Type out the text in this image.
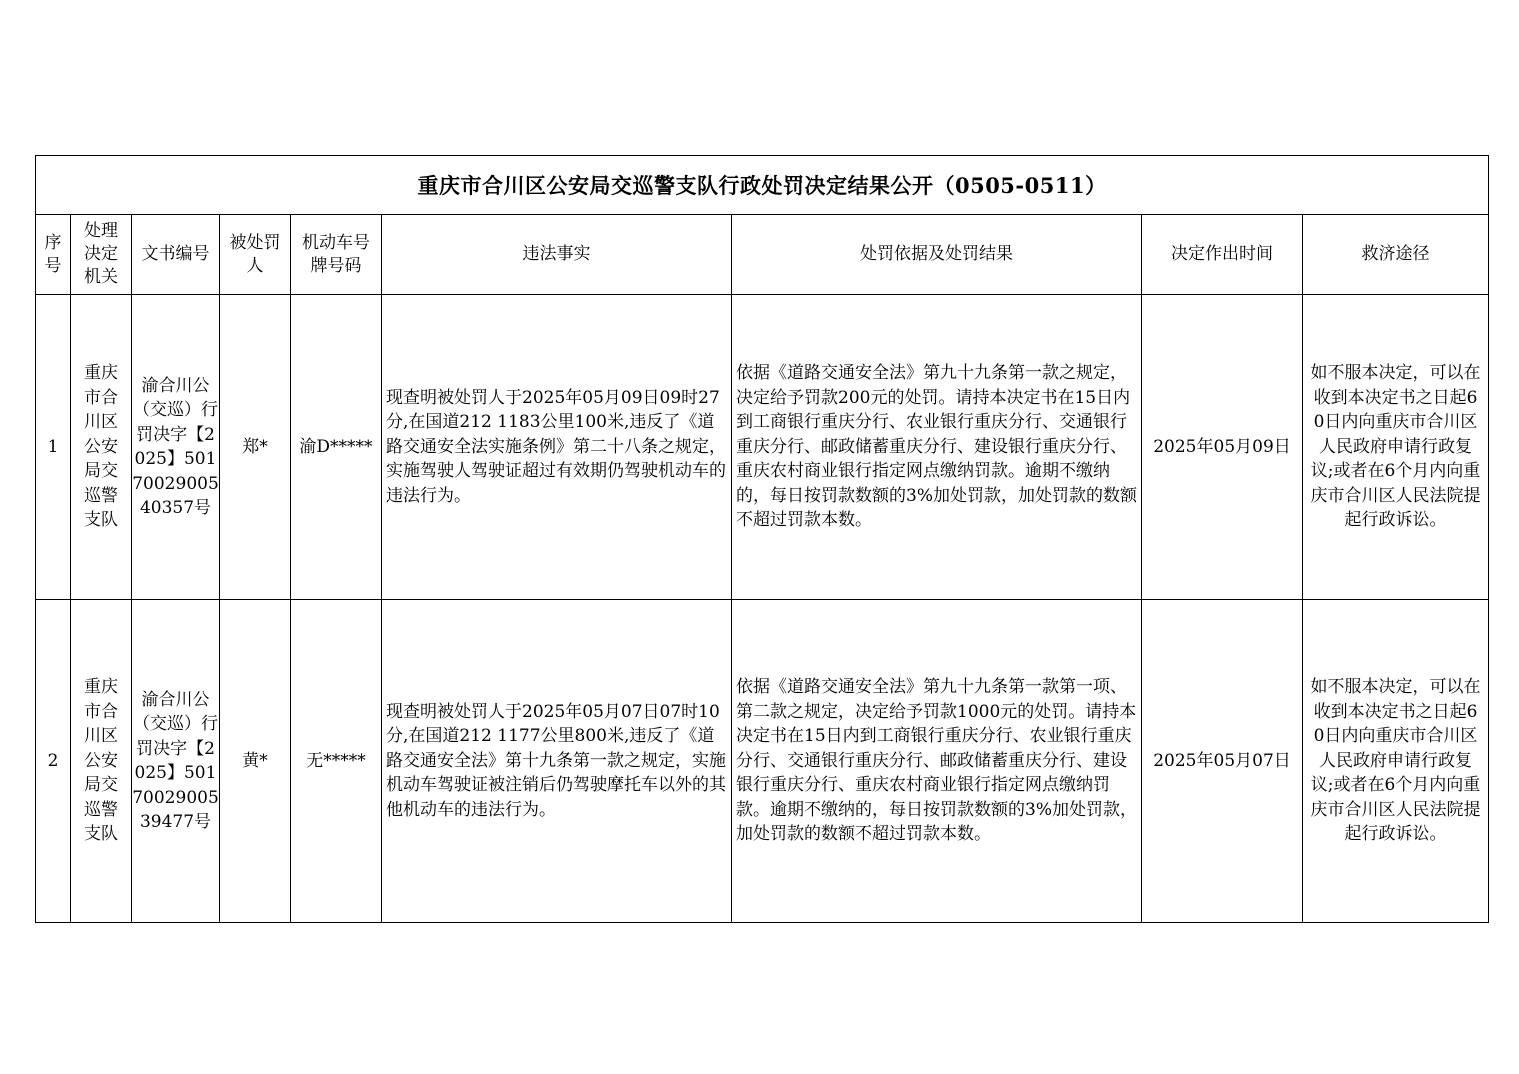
重庆市合川区公安局交巡警支队行政处罚决定结果公开（0505-0511）								
序号	处理决定机关	文书编号	被处罚人	机动车号牌号码	违法事实	处罚依据及处罚结果	决定作出时间	救济途径
1	重庆市合川区公安局交巡警支队	渝合川公（交巡）行罚决字【2025】5017002900540357号	郑*	渝D*****	现查明被处罚人于2025年05月09日09时27分,在国道212 1183公里100米,违反了《道路交通安全法实施条例》第二十八条之规定，实施驾驶人驾驶证超过有效期仍驾驶机动车的违法行为。	依据《道路交通安全法》第九十九条第一款之规定，决定给予罚款200元的处罚。请持本决定书在15日内到工商银行重庆分行、农业银行重庆分行、交通银行重庆分行、邮政储蓄重庆分行、建设银行重庆分行、重庆农村商业银行指定网点缴纳罚款。逾期不缴纳的，每日按罚款数额的3%加处罚款，加处罚款的数额不超过罚款本数。	2025年05月09日	如不服本决定，可以在收到本决定书之日起60日内向重庆市合川区人民政府申请行政复议;或者在6个月内向重庆市合川区人民法院提起行政诉讼。
2	重庆市合川区公安局交巡警支队	渝合川公（交巡）行罚决字【2025】5017002900539477号	黄*	无*****	现查明被处罚人于2025年05月07日07时10分,在国道212 1177公里800米,违反了《道路交通安全法》第十九条第一款之规定，实施机动车驾驶证被注销后仍驾驶摩托车以外的其他机动车的违法行为。	依据《道路交通安全法》第九十九条第一款第一项、第二款之规定，决定给予罚款1000元的处罚。请持本决定书在15日内到工商银行重庆分行、农业银行重庆分行、交通银行重庆分行、邮政储蓄重庆分行、建设银行重庆分行、重庆农村商业银行指定网点缴纳罚款。逾期不缴纳的，每日按罚款数额的3%加处罚款，加处罚款的数额不超过罚款本数。	2025年05月07日	如不服本决定，可以在收到本决定书之日起60日内向重庆市合川区人民政府申请行政复议;或者在6个月内向重庆市合川区人民法院提起行政诉讼。
